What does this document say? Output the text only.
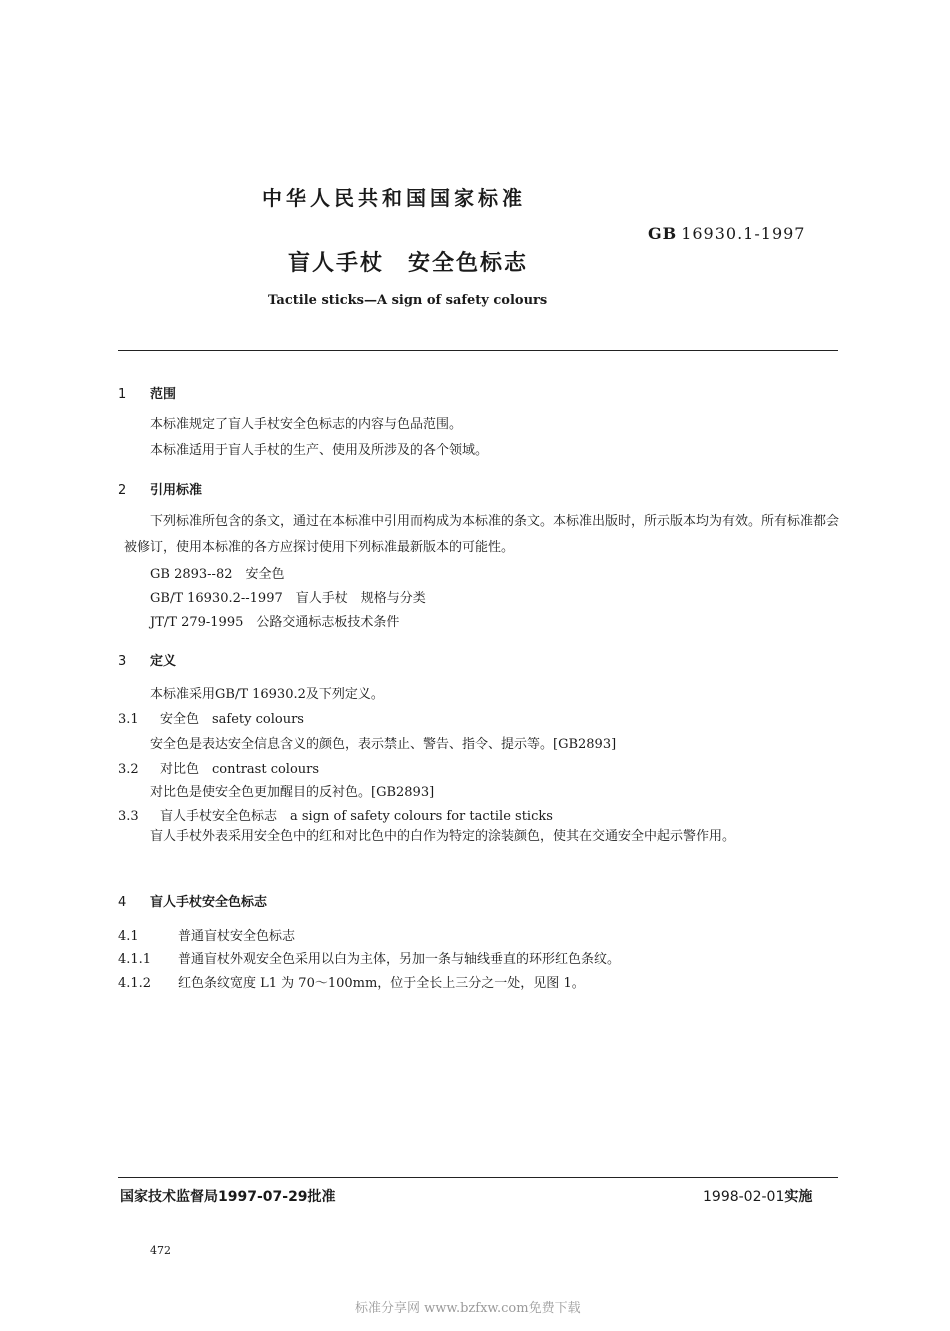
中华人民共和国国家标准
GB 16930.1-1997
盲人手杖　安全色标志
Tactile sticks—A sign of safety colours
1 范围
本标准规定了盲人手杖安全色标志的内容与色品范围。
本标准适用于盲人手杖的生产、使用及所涉及的各个领域。
2 引用标准
下列标准所包含的条文，通过在本标准中引用而构成为本标准的条文。本标准出版时，所示版本均为有效。所有标准都会被修订，使用本标准的各方应探讨使用下列标准最新版本的可能性。
GB 2893--82　 安全色
GB/T 16930.2--1997　 盲人手杖　规格与分类
JT/T 279-1995　 公路交通标志板技术条件
3 定义
本标准采用GB/T 16930.2及下列定义。
3.1 安全色　safety colours
安全色是表达安全信息含义的颜色，表示禁止、警告、指令、提示等。[GB2893]
3.2 对比色　contrast colours
对比色是使安全色更加醒目的反衬色。[GB2893]
3.3 盲人手杖安全色标志　a sign of safety colours for tactile sticks
盲人手杖外表采用安全色中的红和对比色中的白作为特定的涂装颜色，使其在交通安全中起示警作用。
4 盲人手杖安全色标志
4.1	普通盲杖安全色标志
4.1.1 普通盲杖外观安全色采用以白为主体，另加一条与轴线垂直的环形红色条纹。
4.1.2 红色条纹宽度 L1 为 70～100mm，位于全长上三分之一处，见图 1。
国家技术监督局1997-07-29批准	1998-02-01实施
472
标准分享网 www.bzfxw.com免费下载
